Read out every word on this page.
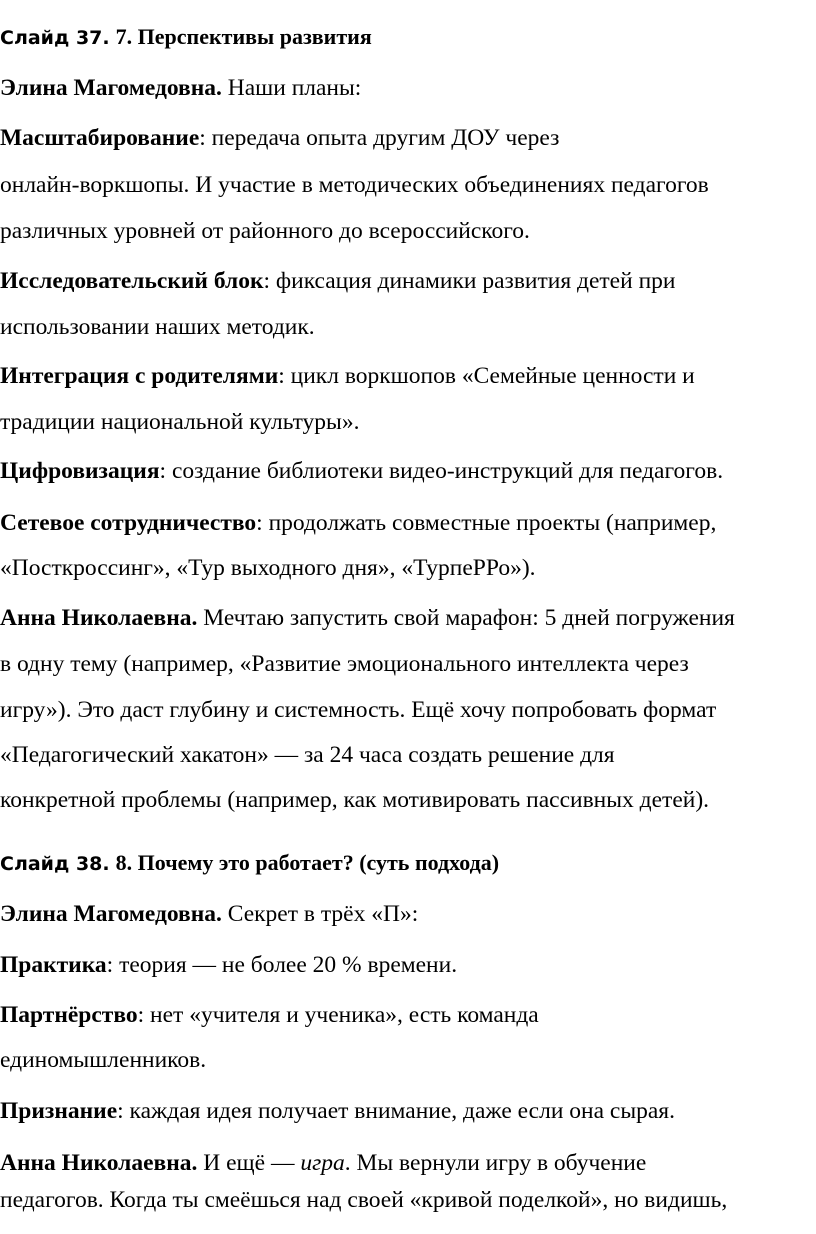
Слайд 37. 7. Перспективы развития
Элина Магомедовна. Наши планы:
Масштабирование: передача опыта другим ДОУ через
онлайн-воркшопы. И участие в методических объединениях педагогов
различных уровней от районного до всероссийского.
Исследовательский блок: фиксация динамики развития детей при
использовании наших методик.
Интеграция с родителями: цикл воркшопов «Семейные ценности и
традиции национальной культуры».
Цифровизация: создание библиотеки видео-инструкций для педагогов.
Сетевое сотрудничество: продолжать совместные проекты (например,
«Посткроссинг», «Тур выходного дня», «ТурпеРРо»).
Анна Николаевна. Мечтаю запустить свой марафон: 5 дней погружения
в одну тему (например, «Развитие эмоционального интеллекта через
игру»). Это даст глубину и системность. Ещё хочу попробовать формат
«Педагогический хакатон» — за 24 часа создать решение для
конкретной проблемы (например, как мотивировать пассивных детей).
Слайд 38. 8. Почему это работает? (суть подхода)
Элина Магомедовна. Секрет в трёх «П»:
Практика: теория — не более 20 % времени.
Партнёрство: нет «учителя и ученика», есть команда
единомышленников.
Признание: каждая идея получает внимание, даже если она сырая.
Анна Николаевна. И ещё — игра. Мы вернули игру в обучение
педагогов. Когда ты смеёшься над своей «кривой поделкой», но видишь,
